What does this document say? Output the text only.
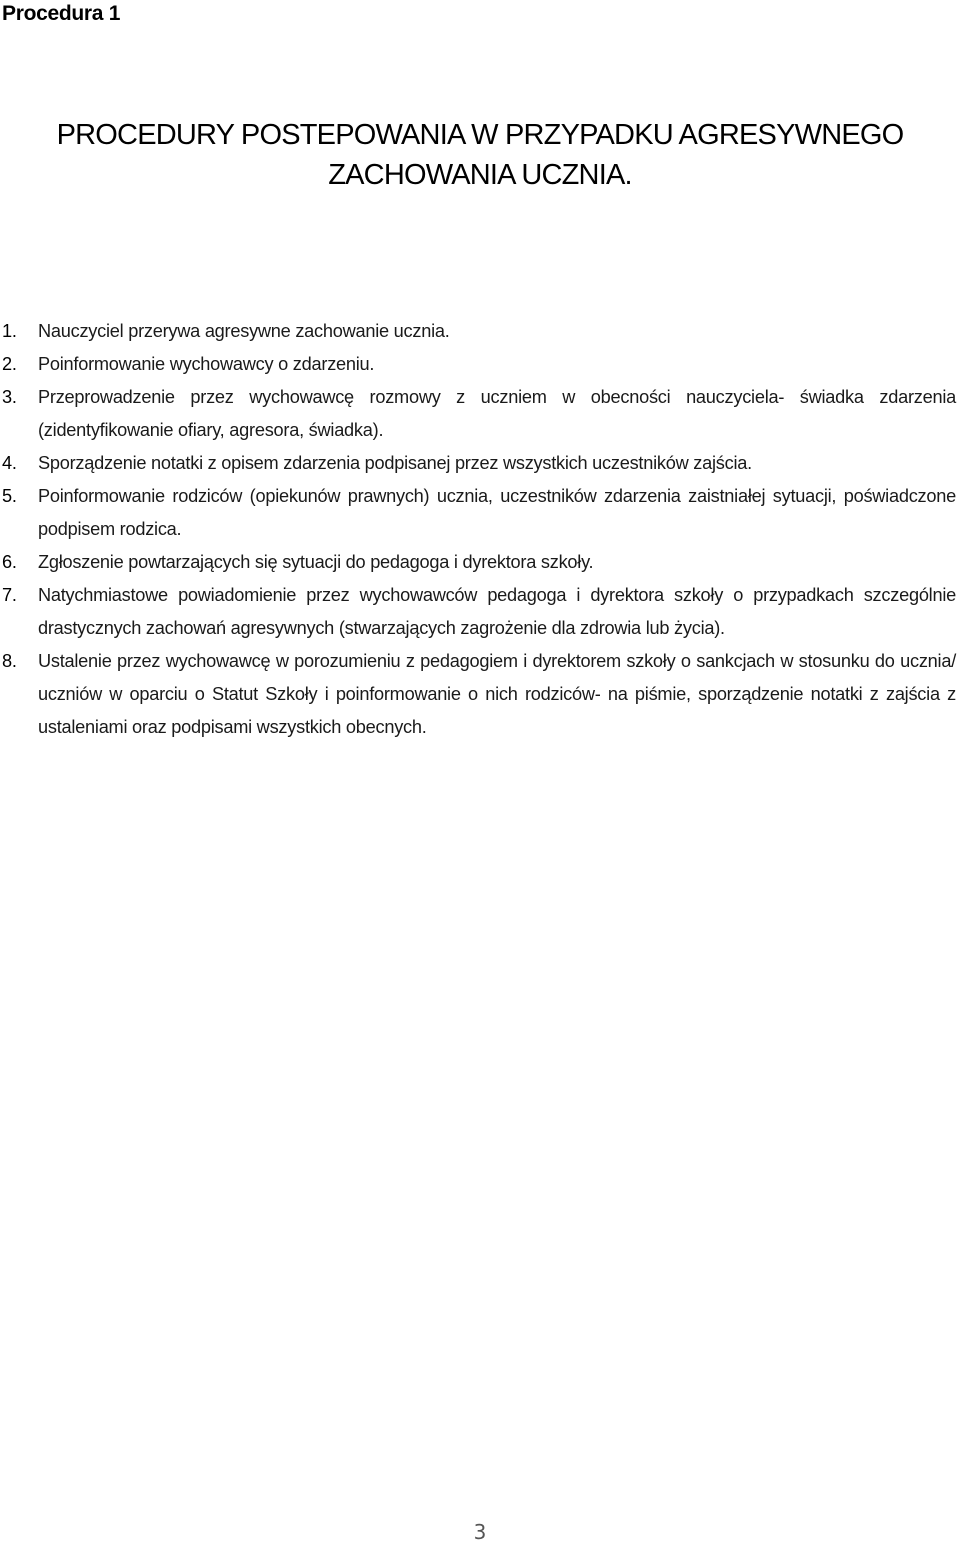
Procedura 1
PROCEDURY POSTEPOWANIA W PRZYPADKU AGRESYWNEGO
ZACHOWANIA UCZNIA.
1.	Nauczyciel przerywa agresywne zachowanie ucznia.
2.	Poinformowanie wychowawcy o zdarzeniu.
3.	Przeprowadzenie przez wychowawcę rozmowy z uczniem w obecności nauczyciela- świadka zdarzenia (zidentyfikowanie ofiary, agresora, świadka).
4.	Sporządzenie notatki z opisem zdarzenia podpisanej przez wszystkich uczestników zajścia.
5.	Poinformowanie rodziców (opiekunów prawnych) ucznia, uczestników zdarzenia zaistniałej sytuacji, poświadczone podpisem rodzica.
6.	Zgłoszenie powtarzających się sytuacji do pedagoga i dyrektora szkoły.
7.	Natychmiastowe powiadomienie przez wychowawców pedagoga i dyrektora szkoły o przypadkach szczególnie drastycznych zachowań agresywnych (stwarzających zagrożenie dla zdrowia lub życia).
8.	Ustalenie przez wychowawcę w porozumieniu z pedagogiem i dyrektorem szkoły o sankcjach w stosunku do ucznia/ uczniów w oparciu o Statut Szkoły i poinformowanie o nich rodziców- na piśmie, sporządzenie notatki z zajścia z ustaleniami oraz podpisami wszystkich obecnych.
3
